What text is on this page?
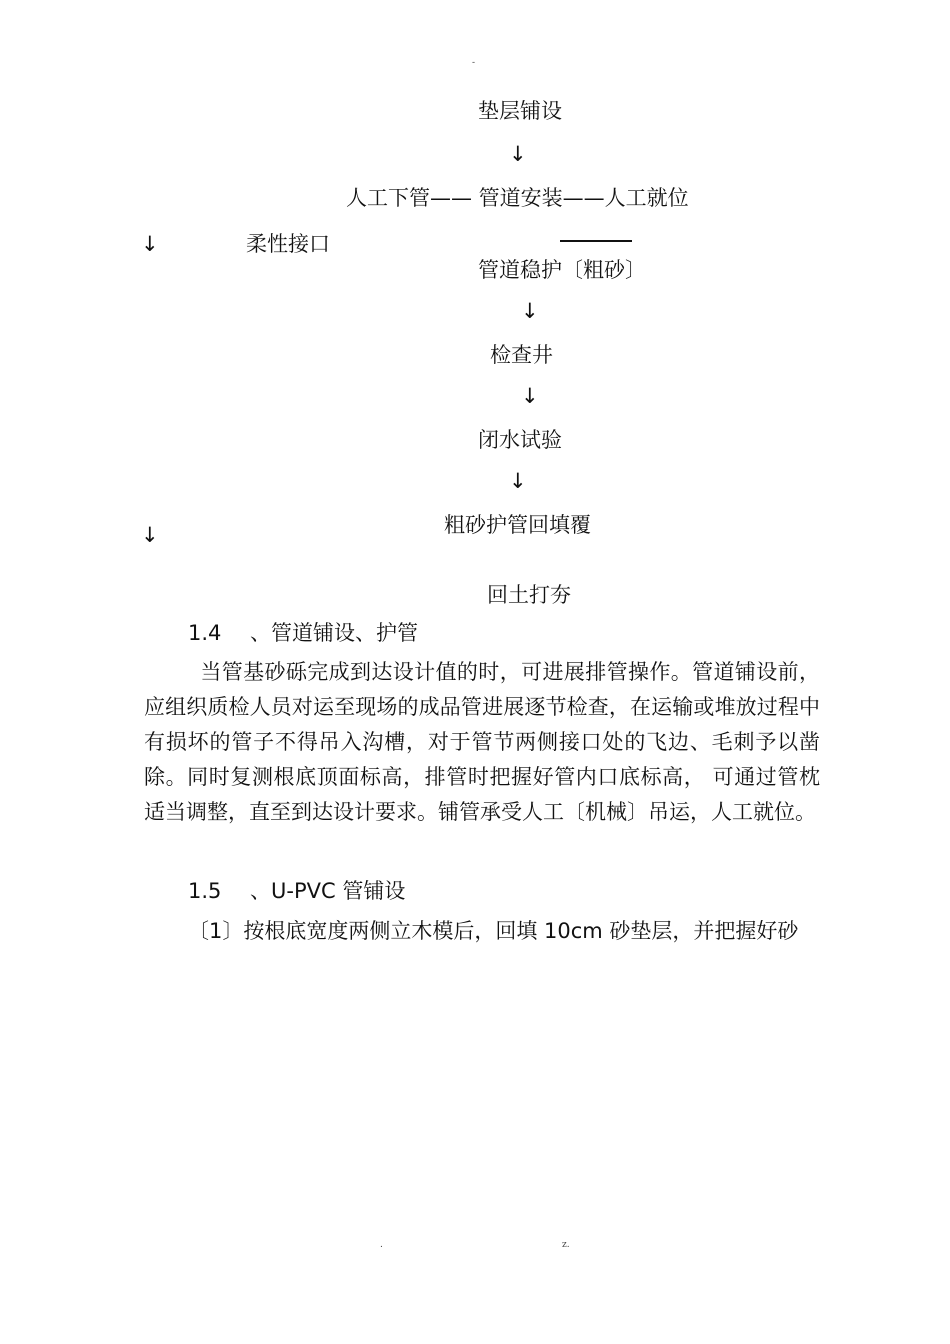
-
垫层铺设
↓
人工下管—— 管道安装——人工就位
↓	柔性接口
管道稳护〔粗砂〕
↓
检查井
↓
闭水试验
↓
粗砂护管回填覆
↓
回土打夯
1.4 、管道铺设、护管
当管基砂砾完成到达设计值的时，可进展排管操作。管道铺设前，应组织质检人员对运至现场的成品管进展逐节检查，在运输或堆放过程中有损坏的管子不得吊入沟槽，对于管节两侧接口处的飞边、毛刺予以凿除。同时复测根底顶面标高，排管时把握好管内口底标高， 可通过管枕适当调整，直至到达设计要求。铺管承受人工〔机械〕吊运，人工就位。
1.5 、U-PVC 管铺设
〔1〕按根底宽度两侧立木模后，回填 10cm 砂垫层，并把握好砂
.	z.
